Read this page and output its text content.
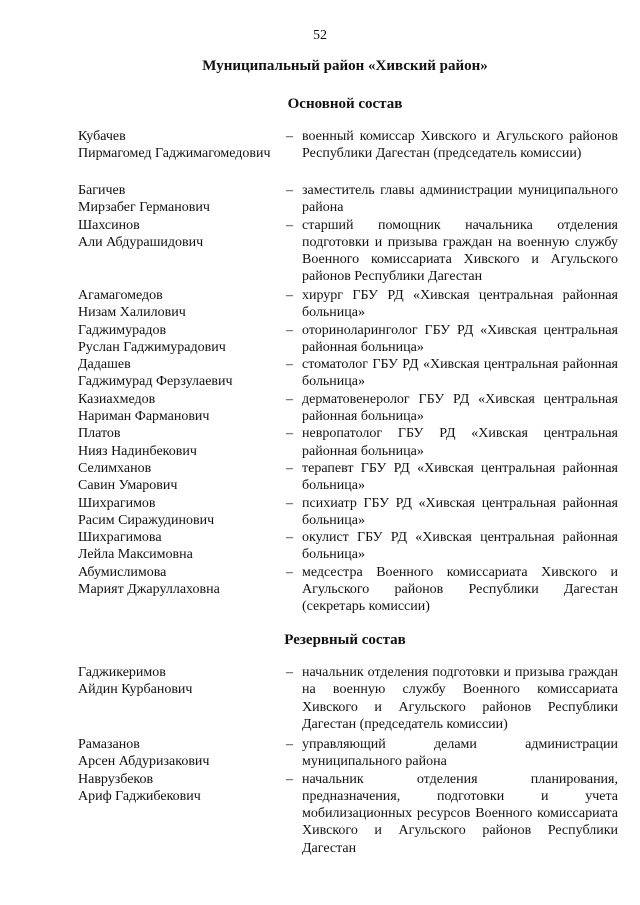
52
Муниципальный район «Хивский район»
Основной состав
Кубачев
Пирмагомед Гаджимагомедович
– военный комиссар Хивского и Агульского районов Республики Дагестан (председатель комиссии)
Багичев
Мирзабег Германович
Шахсинов
Али Абдурашидович
– заместитель главы администрации муниципального района
– старший помощник начальника отделения подготовки и призыва граждан на военную службу Военного комиссариата Хивского и Агульского районов Республики Дагестан
Агамагомедов
Низам Халилович
Гаджимурадов
Руслан Гаджимурадович
Дадашев
Гаджимурад Ферзулаевич
Казиахмедов
Нариман Фарманович
Платов
Нияз Надинбекович
Селимханов
Савин Умарович
Шихрагимов
Расим Сиражудинович
Шихрагимова
Лейла Максимовна
Абумислимова
Марият Джаруллаховна
– хирург ГБУ РД «Хивская центральная районная больница»
– оториноларинголог ГБУ РД «Хивская центральная районная больница»
– стоматолог ГБУ РД «Хивская центральная районная больница»
– дерматовенеролог ГБУ РД «Хивская центральная районная больница»
– невропатолог ГБУ РД «Хивская центральная районная больница»
– терапевт ГБУ РД «Хивская центральная районная больница»
– психиатр ГБУ РД «Хивская центральная районная больница»
– окулист ГБУ РД «Хивская центральная районная больница»
– медсестра Военного комиссариата Хивского и Агульского районов Республики Дагестан (секретарь комиссии)
Резервный состав
Гаджикеримов
Айдин Курбанович
– начальник отделения подготовки и призыва граждан на военную службу Военного комиссариата Хивского и Агульского районов Республики Дагестан (председатель комиссии)
Рамазанов
Арсен Абдуризакович
Наврузбеков
Ариф Гаджибекович
– управляющий делами администрации муниципального района
– начальник отделения планирования, предназначения, подготовки и учета мобилизационных ресурсов Военного комиссариата Хивского и Агульского районов Республики Дагестан
